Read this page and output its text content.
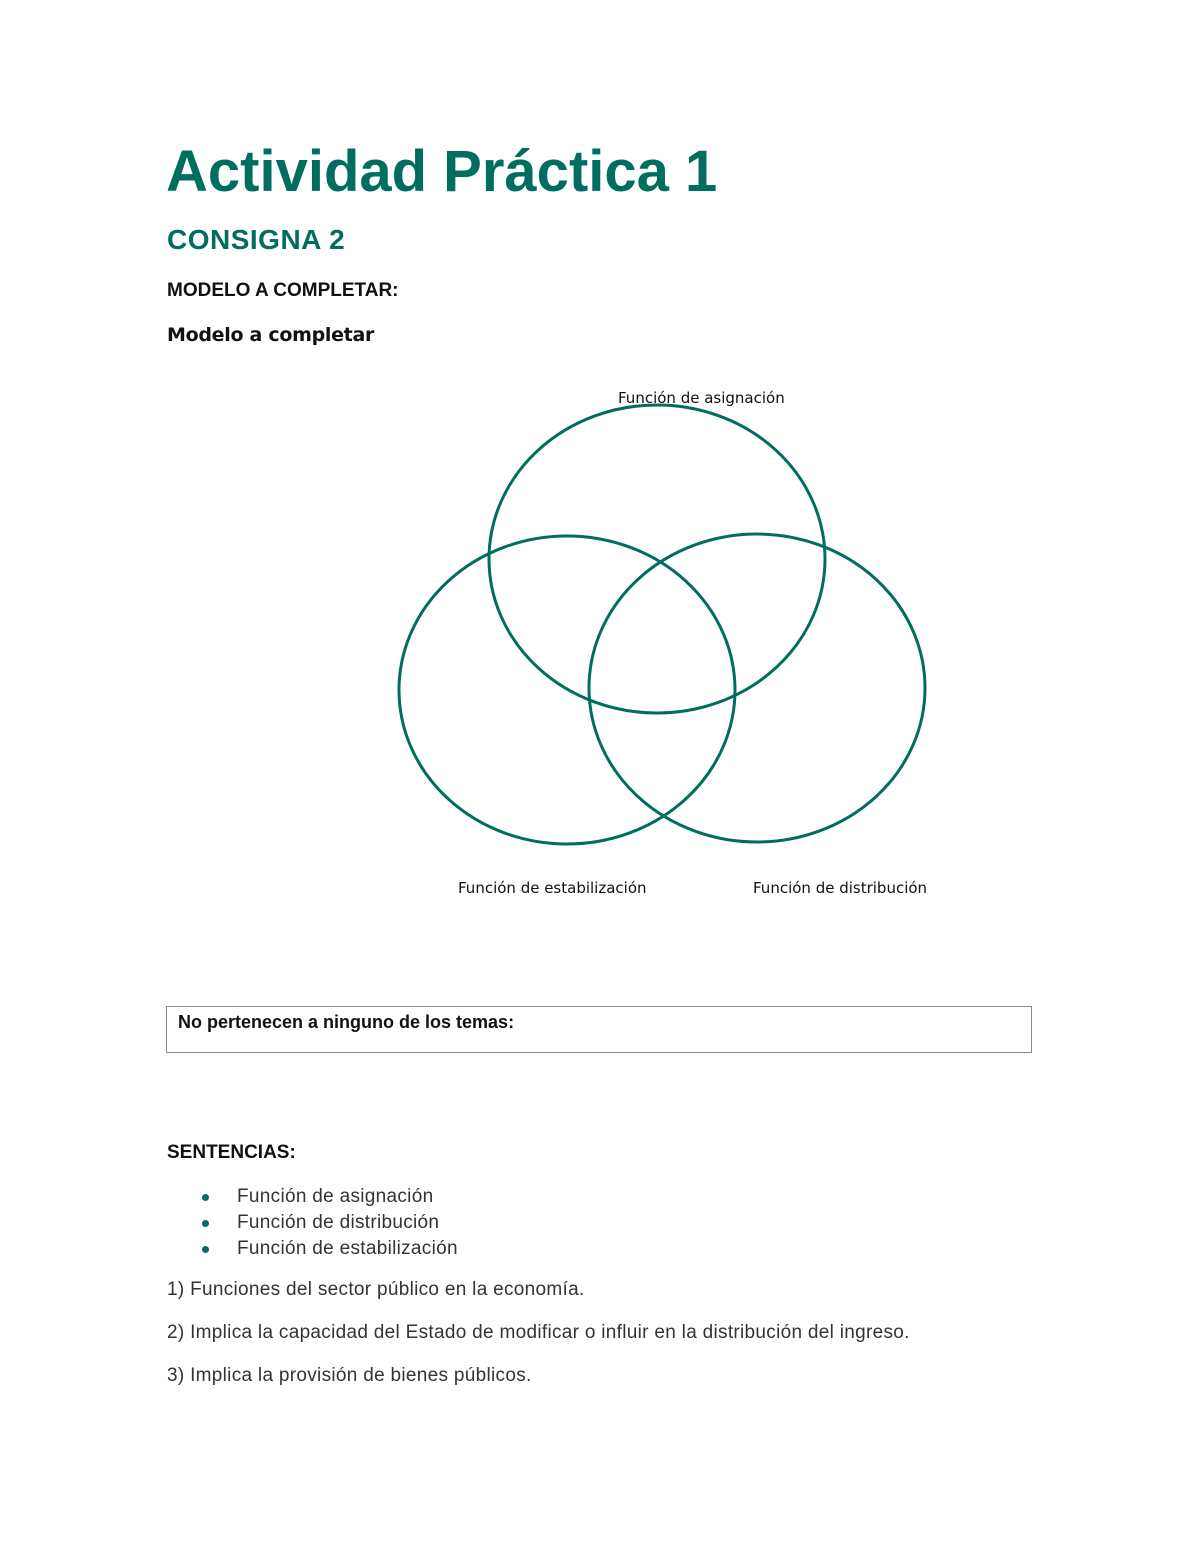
Actividad Práctica 1
CONSIGNA 2

MODELO A COMPLETAR:

Modelo a completar

Función de asignación
Función de estabilización	Función de distribución
No pertenecen a ninguno de los temas:

SENTENCIAS:

Función de asignación
Función de distribución
Función de estabilización

1) Funciones del sector público en la economía.

2) Implica la capacidad del Estado de modificar o influir en la distribución del ingreso.

3) Implica la provisión de bienes públicos.
